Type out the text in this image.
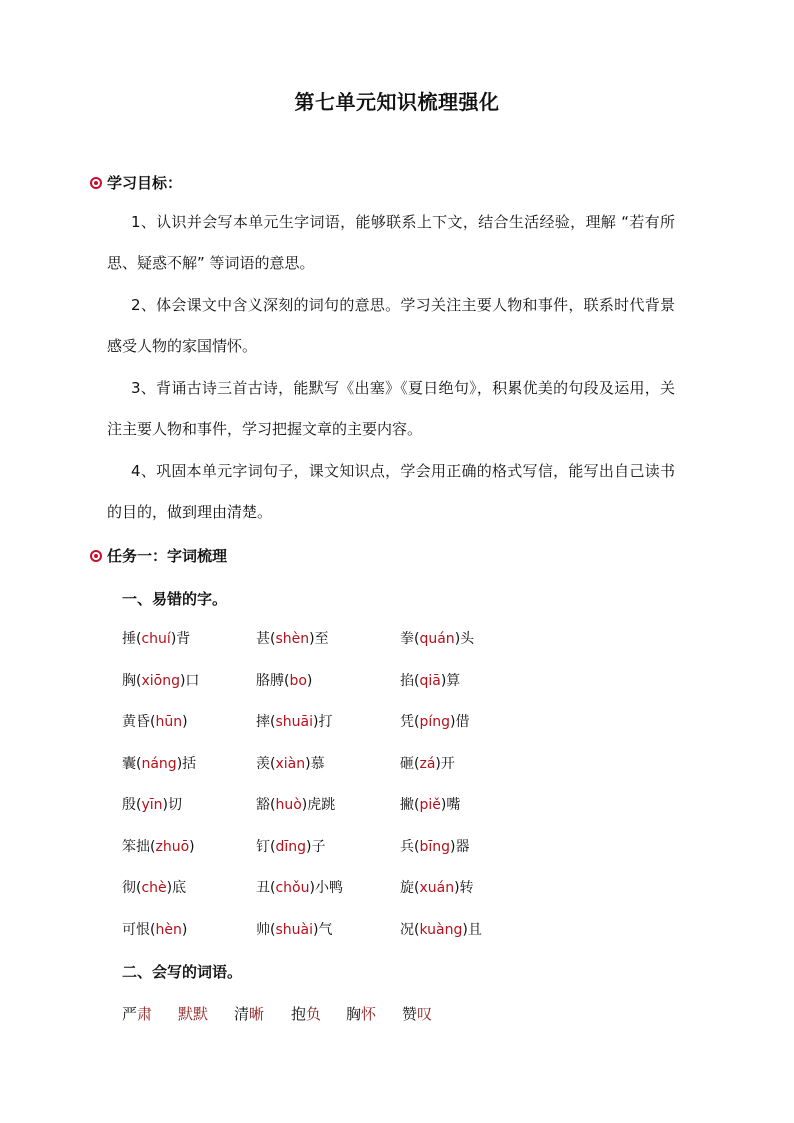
第七单元知识梳理强化
学习目标：
1、认识并会写本单元生字词语，能够联系上下文，结合生活经验，理解 “若有所思、疑惑不解” 等词语的意思。
2、体会课文中含义深刻的词句的意思。学习关注主要人物和事件，联系时代背景感受人物的家国情怀。
3、背诵古诗三首古诗，能默写《出塞》《夏日绝句》，积累优美的句段及运用，关注主要人物和事件，学习把握文章的主要内容。
4、巩固本单元字词句子，课文知识点，学会用正确的格式写信，能写出自己读书的目的，做到理由清楚。
任务一：字词梳理
一、易错的字。
捶(chuí)背	甚(shèn)至	拳(quán)头
胸(xiōng)口	胳膊(bo)	掐(qiā)算
黄昏(hūn)	摔(shuāi)打	凭(píng)借
囊(náng)括	羡(xiàn)慕	砸(zá)开
殷(yīn)切	豁(huò)虎跳	撇(piě)嘴
笨拙(zhuō)	钉(dīng)子	兵(bīng)器
彻(chè)底	丑(chǒu)小鸭	旋(xuán)转
可恨(hèn)	帅(shuài)气	况(kuàng)且
二、会写的词语。
严肃 默默 清晰 抱负 胸怀 赞叹
